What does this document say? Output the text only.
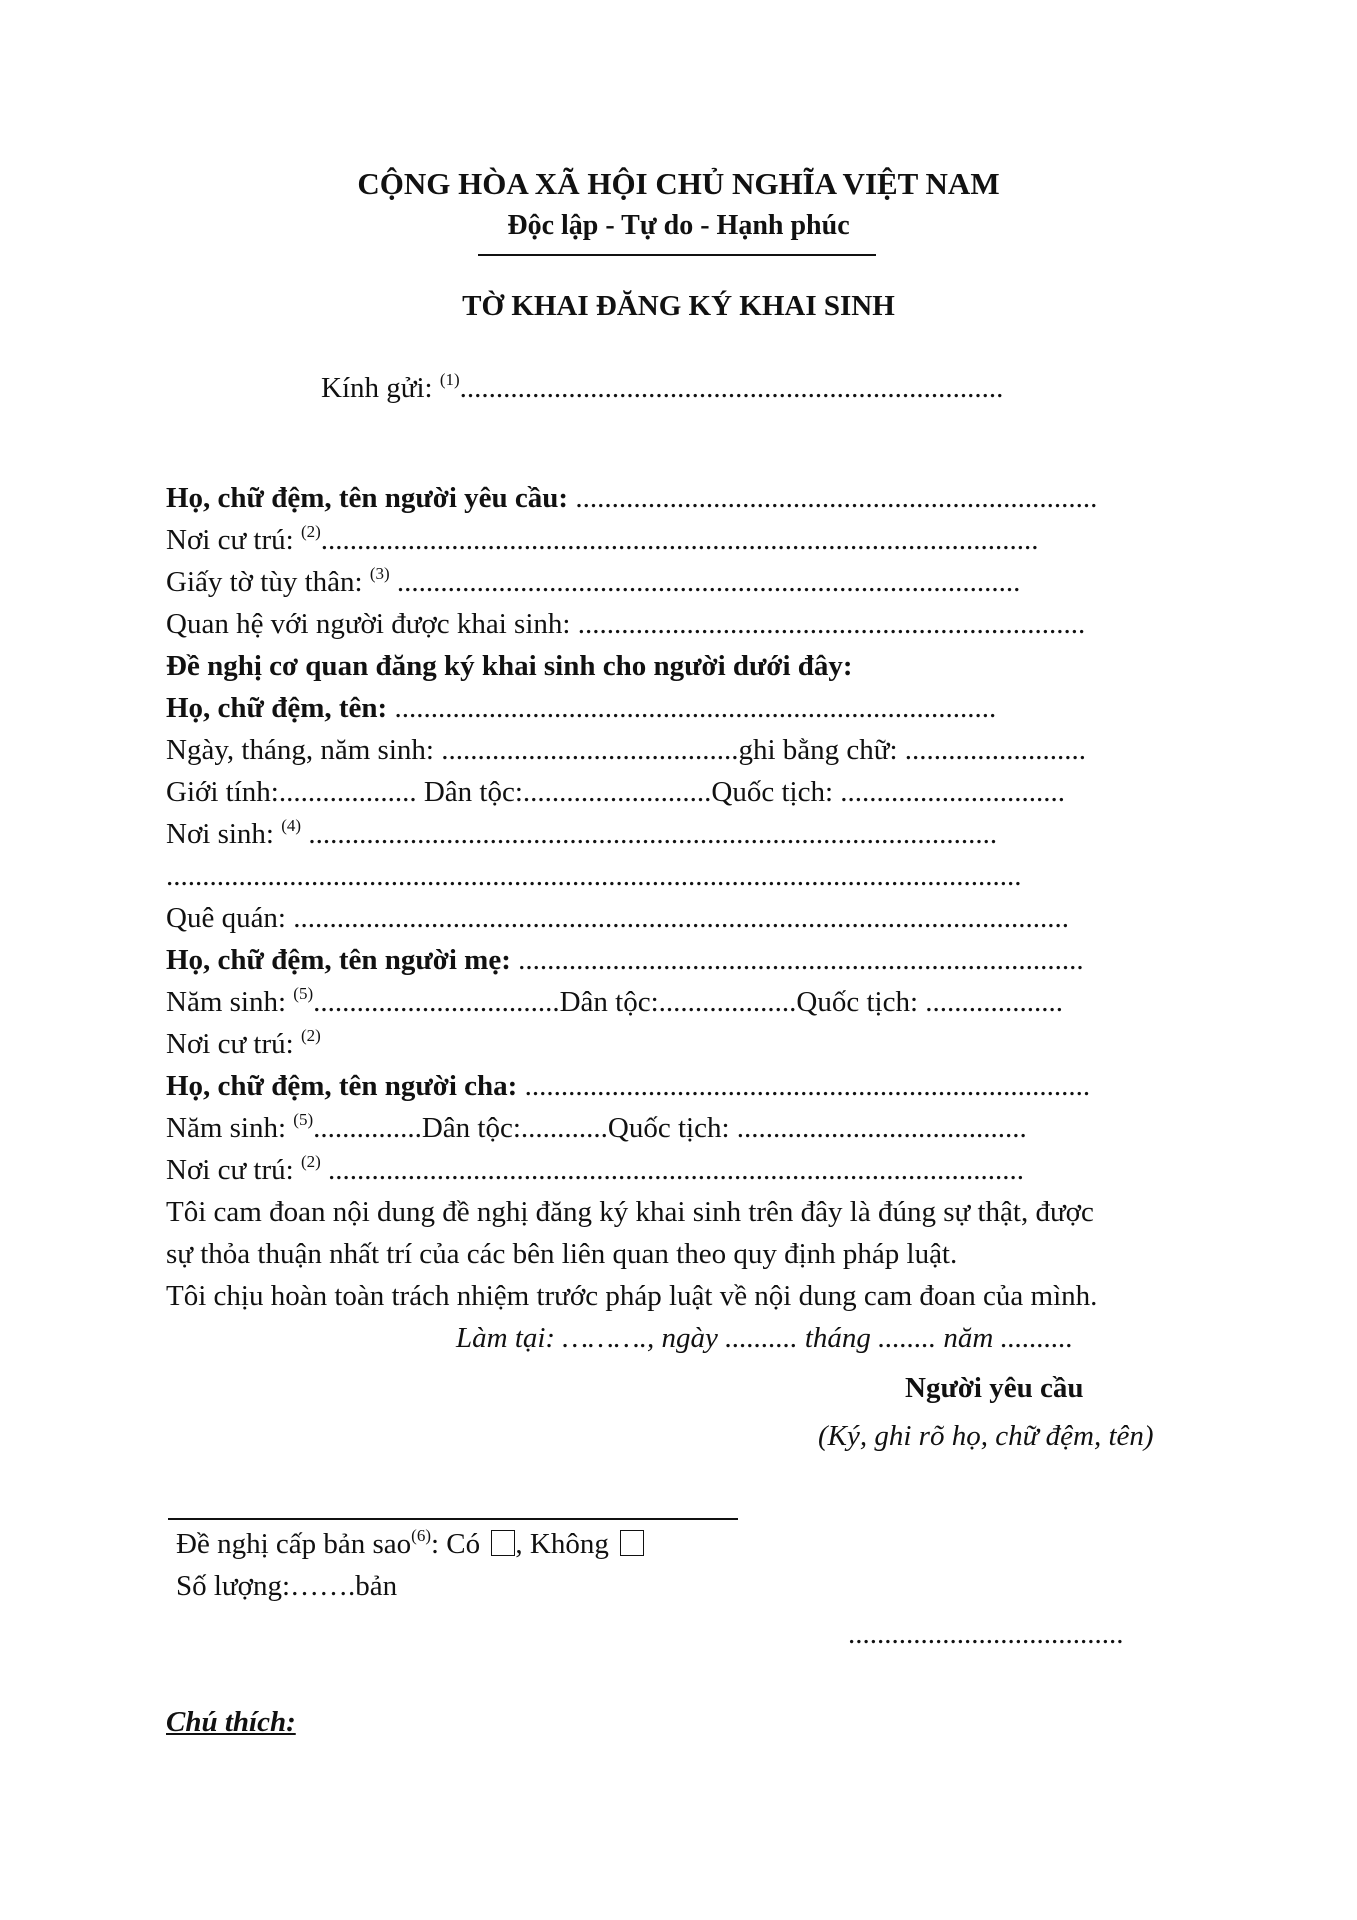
CỘNG HÒA XÃ HỘI CHỦ NGHĨA VIỆT NAM
Độc lập - Tự do - Hạnh phúc
TỜ KHAI ĐĂNG KÝ KHAI SINH
Kính gửi: $^{(1)}$...........................................................................
Họ, chữ đệm, tên người yêu cầu: ........................................................................
Nơi cư trú: $^{(2)}$...................................................................................................
Giấy tờ tùy thân: $^{(3)}$ ......................................................................................
Quan hệ với người được khai sinh: ......................................................................
Đề nghị cơ quan đăng ký khai sinh cho người dưới đây:
Họ, chữ đệm, tên: ...................................................................................
Ngày, tháng, năm sinh: .........................................ghi bằng chữ: .........................
Giới tính:................... Dân tộc:..........................Quốc tịch: ...............................
Nơi sinh: $^{(4)}$ ...............................................................................................
......................................................................................................................
Quê quán: ...........................................................................................................
Họ, chữ đệm, tên người mẹ: ..............................................................................
Năm sinh: $^{(5)}$..................................Dân tộc:...................Quốc tịch: ...................
Nơi cư trú: $^{(2)}$
Họ, chữ đệm, tên người cha: ..............................................................................
Năm sinh: $^{(5)}$...............Dân tộc:............Quốc tịch: ........................................
Nơi cư trú: $^{(2)}$ ................................................................................................
Tôi cam đoan nội dung đề nghị đăng ký khai sinh trên đây là đúng sự thật, được
sự thỏa thuận nhất trí của các bên liên quan theo quy định pháp luật.
Tôi chịu hoàn toàn trách nhiệm trước pháp luật về nội dung cam đoan của mình.
Làm tại: ………., ngày .......... tháng ........ năm ..........
Người yêu cầu
(Ký, ghi rõ họ, chữ đệm, tên)
Đề nghị cấp bản sao$^{(6)}$: Có , Không
Số lượng:…….bản
......................................
Chú thích:
